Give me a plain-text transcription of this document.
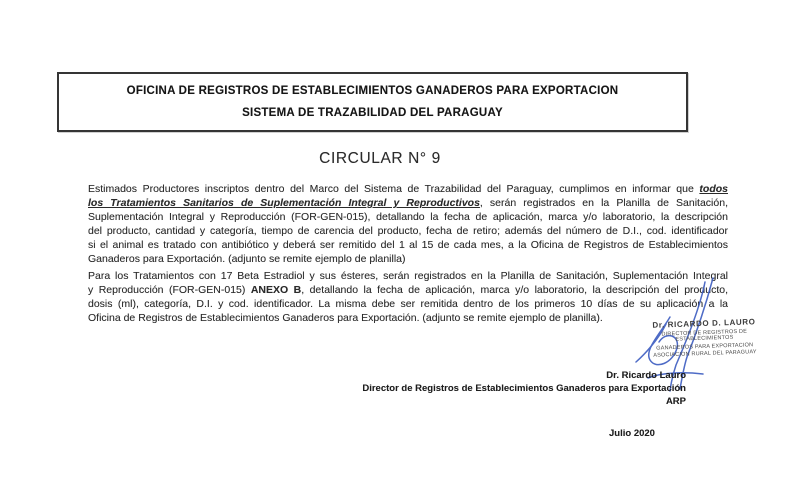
OFICINA DE REGISTROS DE ESTABLECIMIENTOS GANADEROS PARA EXPORTACION
SISTEMA DE TRAZABILIDAD DEL PARAGUAY
CIRCULAR N° 9
Estimados Productores inscriptos dentro del Marco del Sistema de Trazabilidad del Paraguay, cumplimos en informar que todos
los Tratamientos Sanitarios de Suplementación Integral y Reproductivos, serán registrados en la Planilla de Sanitación,
Suplementación Integral y Reproducción (FOR-GEN-015), detallando la fecha de aplicación, marca y/o laboratorio, la descripción
del producto, cantidad y categoría, tiempo de carencia del producto, fecha de retiro; además del número de D.I., cod. identificador
si el animal es tratado con antibiótico y deberá ser remitido del 1 al 15 de cada mes, a la Oficina de Registros de Establecimientos
Ganaderos para Exportación. (adjunto se remite ejemplo de planilla)
Para los Tratamientos con 17 Beta Estradiol y sus ésteres, serán registrados en la Planilla de Sanitación, Suplementación Integral
y Reproducción (FOR-GEN-015) ANEXO B, detallando la fecha de aplicación, marca y/o laboratorio, la descripción del producto,
dosis (ml), categoría, D.I. y cod. identificador. La misma debe ser remitida dentro de los primeros 10 días de su aplicación a la
Oficina de Registros de Establecimientos Ganaderos para Exportación. (adjunto se remite ejemplo de planilla).	Dr. RICARDO D. LAURO
DIRECTOR DE REGISTROS DE ESTABLECIMIENTOS
GANADEROS PARA EXPORTACION
ASOCIACION RURAL DEL PARAGUAY
Dr. Ricardo Lauro
Director de Registros de Establecimientos Ganaderos para Exportación
ARP
Julio 2020
